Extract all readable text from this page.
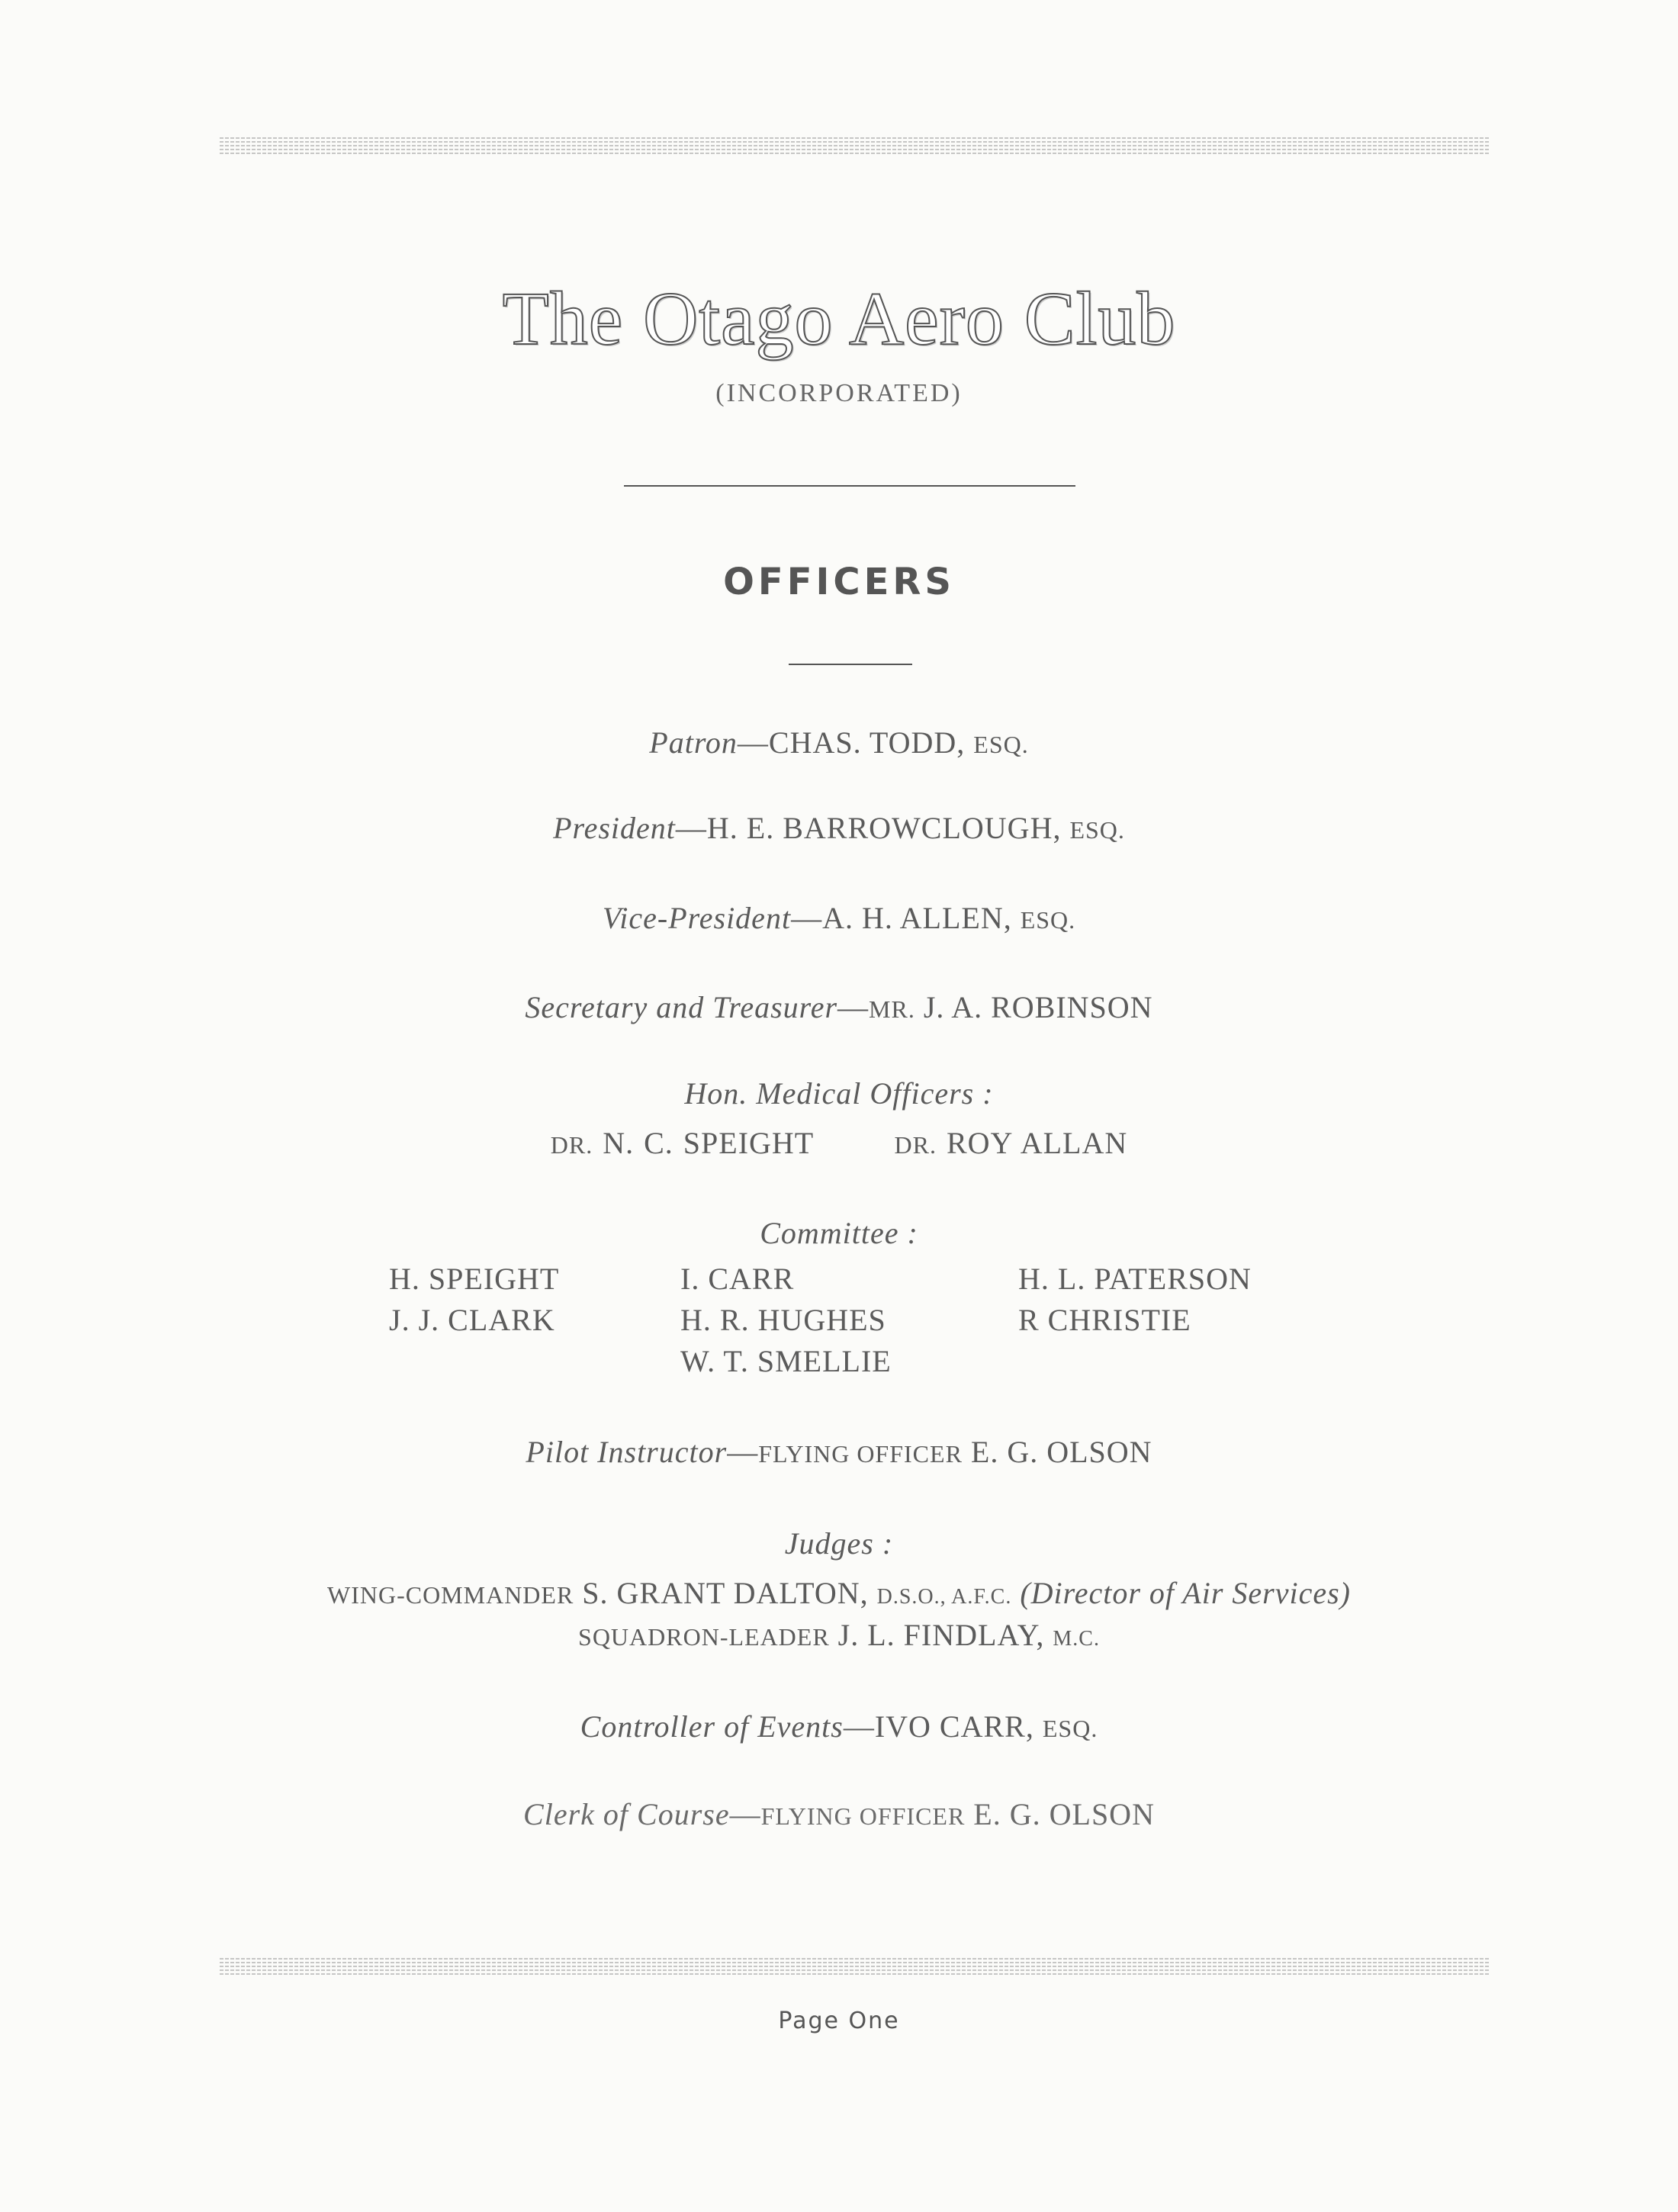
The Otago Aero Club
(INCORPORATED)
OFFICERS
Patron—CHAS. TODD, ESQ.
President—H. E. BARROWCLOUGH, ESQ.
Vice-President—A. H. ALLEN, ESQ.
Secretary and Treasurer—MR. J. A. ROBINSON
Hon. Medical Officers :
DR. N. C. SPEIGHT	DR. ROY ALLAN
Committee :
H. SPEIGHT
J. J. CLARK
I. CARR
H. R. HUGHES
W. T. SMELLIE
H. L. PATERSON
R CHRISTIE
Pilot Instructor—FLYING OFFICER E. G. OLSON
Judges :
WING-COMMANDER S. GRANT DALTON, D.S.O., A.F.C. (Director of Air Services)
SQUADRON-LEADER J. L. FINDLAY, M.C.
Controller of Events—IVO CARR, ESQ.
Clerk of Course—FLYING OFFICER E. G. OLSON
Page One
